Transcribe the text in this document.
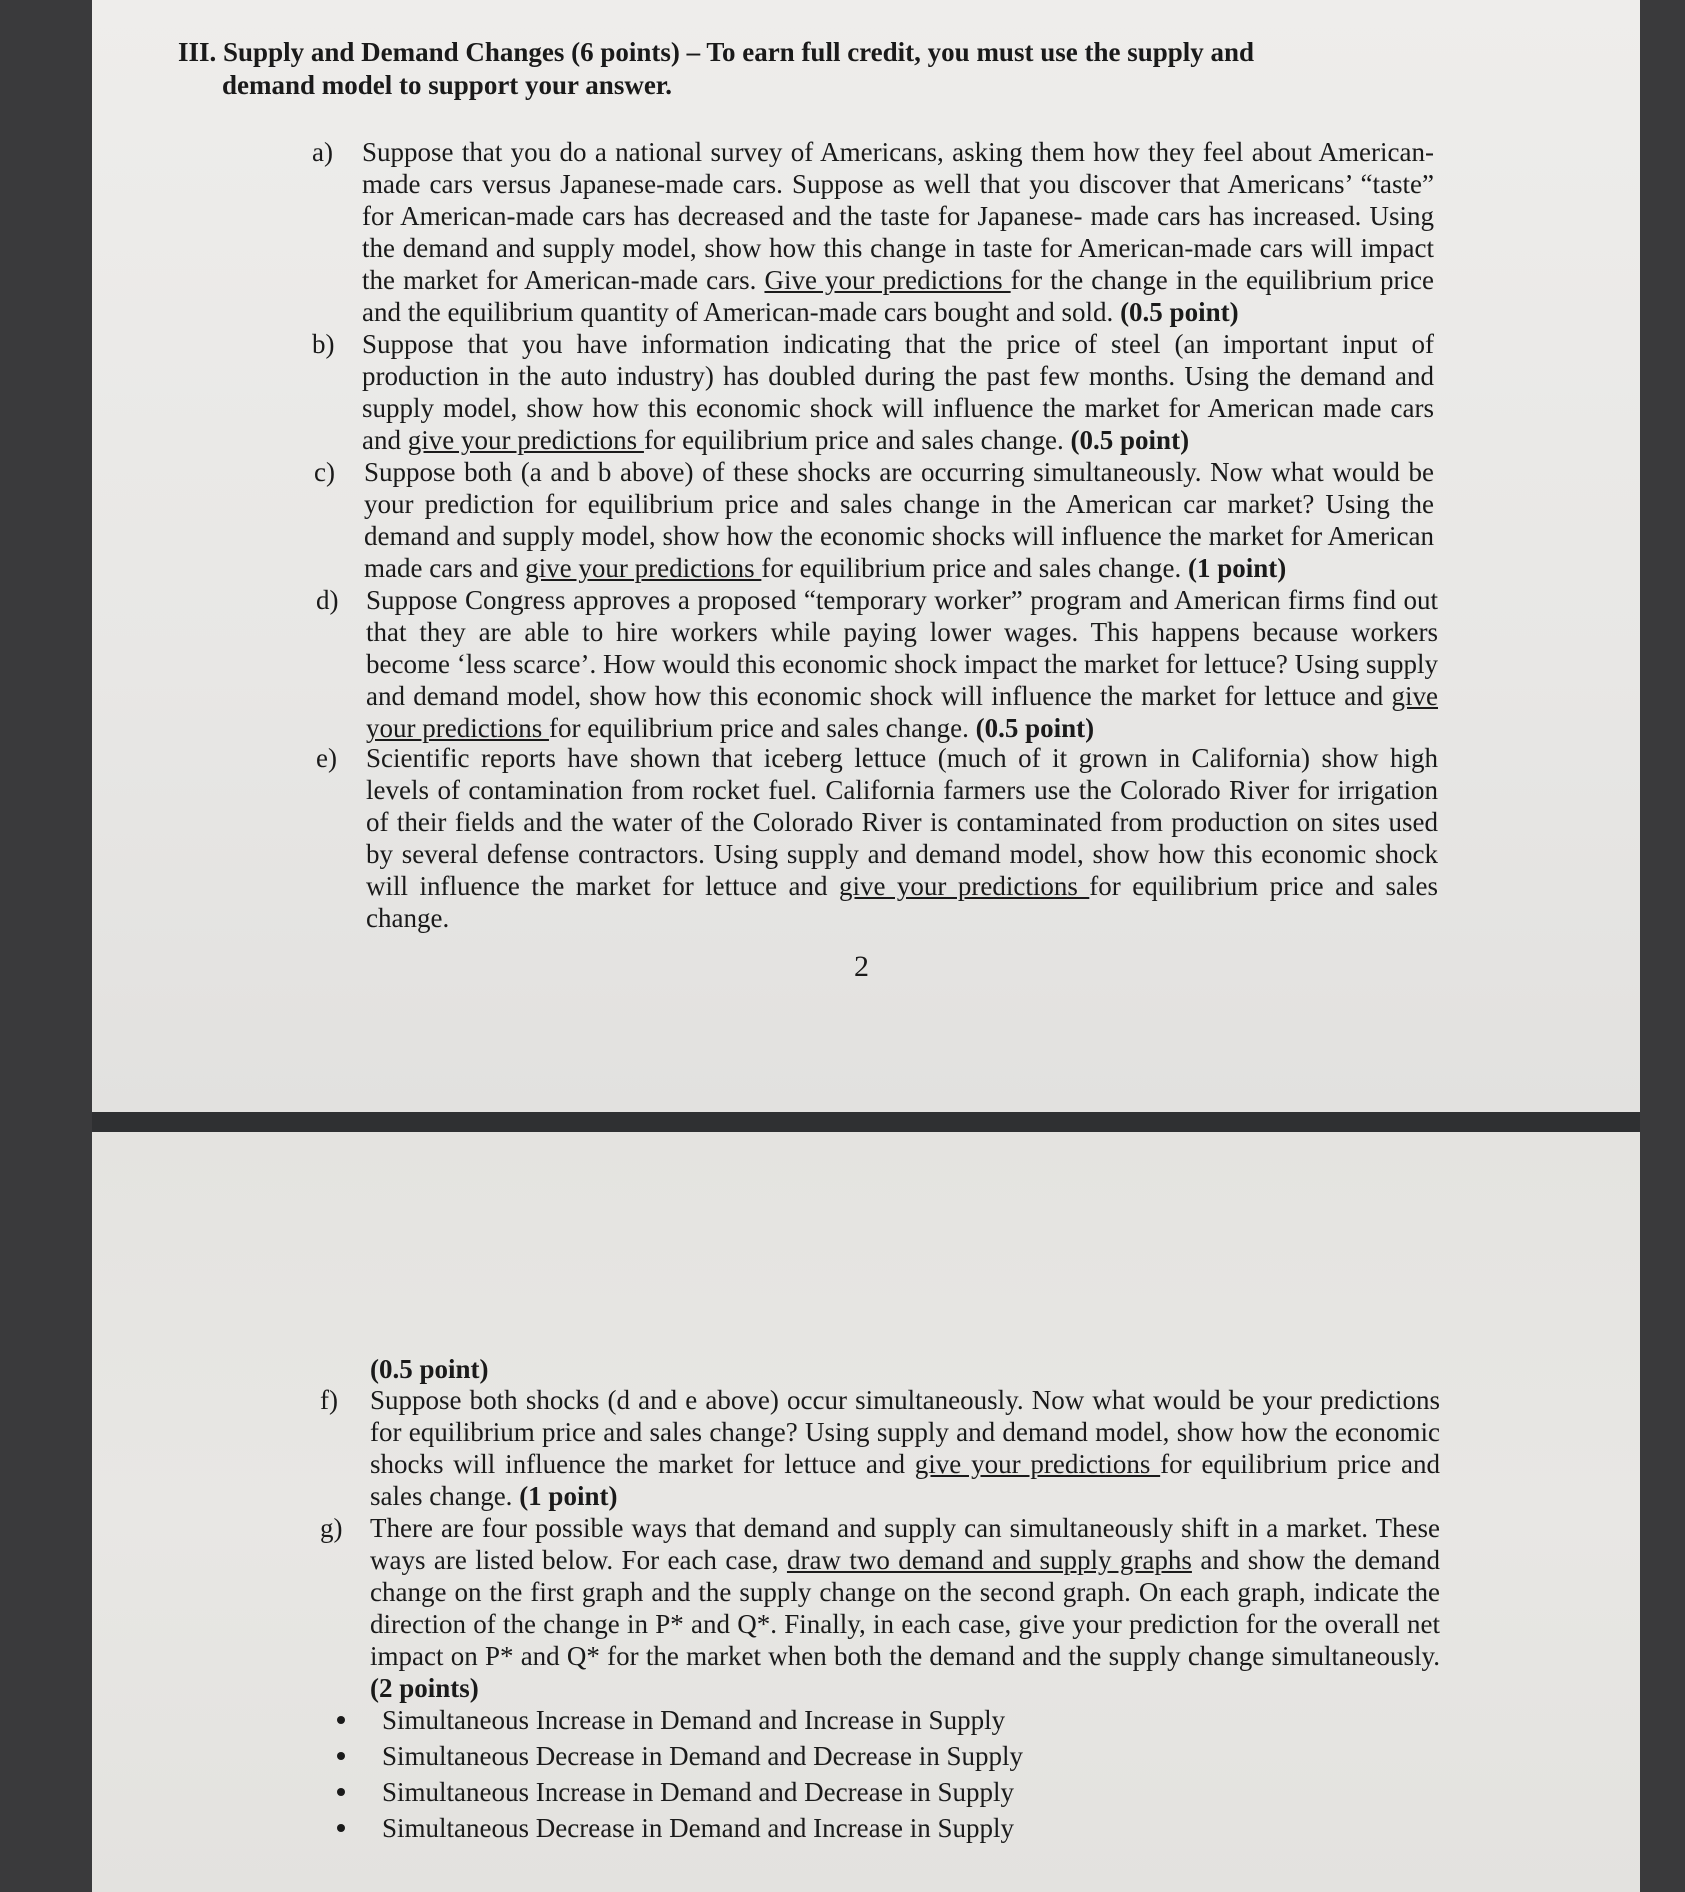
III. Supply and Demand Changes (6 points) – To earn full credit, you must use the supply and
demand model to support your answer.
a) Suppose that you do a national survey of Americans, asking them how they feel about American-made cars versus Japanese-made cars. Suppose as well that you discover that Americans’ “taste” for American-made cars has decreased and the taste for Japanese- made cars has increased. Using the demand and supply model, show how this change in taste for American-made cars will impact the market for American-made cars. Give your predictions for the change in the equilibrium price and the equilibrium quantity of American-made cars bought and sold. (0.5 point)

b) Suppose that you have information indicating that the price of steel (an important input of production in the auto industry) has doubled during the past few months. Using the demand and supply model, show how this economic shock will influence the market for American made cars and give your predictions for equilibrium price and sales change. (0.5 point)

c) Suppose both (a and b above) of these shocks are occurring simultaneously. Now what would be your prediction for equilibrium price and sales change in the American car market? Using the demand and supply model, show how the economic shocks will influence the market for American made cars and give your predictions for equilibrium price and sales change. (1 point)

d) Suppose Congress approves a proposed “temporary worker” program and American firms find out that they are able to hire workers while paying lower wages. This happens because workers become ‘less scarce’. How would this economic shock impact the market for lettuce? Using supply and demand model, show how this economic shock will influence the market for lettuce and give your predictions for equilibrium price and sales change. (0.5 point)

e) Scientific reports have shown that iceberg lettuce (much of it grown in California) show high levels of contamination from rocket fuel. California farmers use the Colorado River for irrigation of their fields and the water of the Colorado River is contaminated from production on sites used by several defense contractors. Using supply and demand model, show how this economic shock will influence the market for lettuce and give your predictions for equilibrium price and sales change.

2
(0.5 point)
f) Suppose both shocks (d and e above) occur simultaneously. Now what would be your predictions for equilibrium price and sales change? Using supply and demand model, show how the economic shocks will influence the market for lettuce and give your predictions for equilibrium price and sales change. (1 point)

g) There are four possible ways that demand and supply can simultaneously shift in a market. These ways are listed below. For each case, draw two demand and supply graphs and show the demand change on the first graph and the supply change on the second graph. On each graph, indicate the direction of the change in P* and Q*. Finally, in each case, give your prediction for the overall net impact on P* and Q* for the market when both the demand and the supply change simultaneously. (2 points)

Simultaneous Increase in Demand and Increase in Supply
Simultaneous Decrease in Demand and Decrease in Supply
Simultaneous Increase in Demand and Decrease in Supply
Simultaneous Decrease in Demand and Increase in Supply
